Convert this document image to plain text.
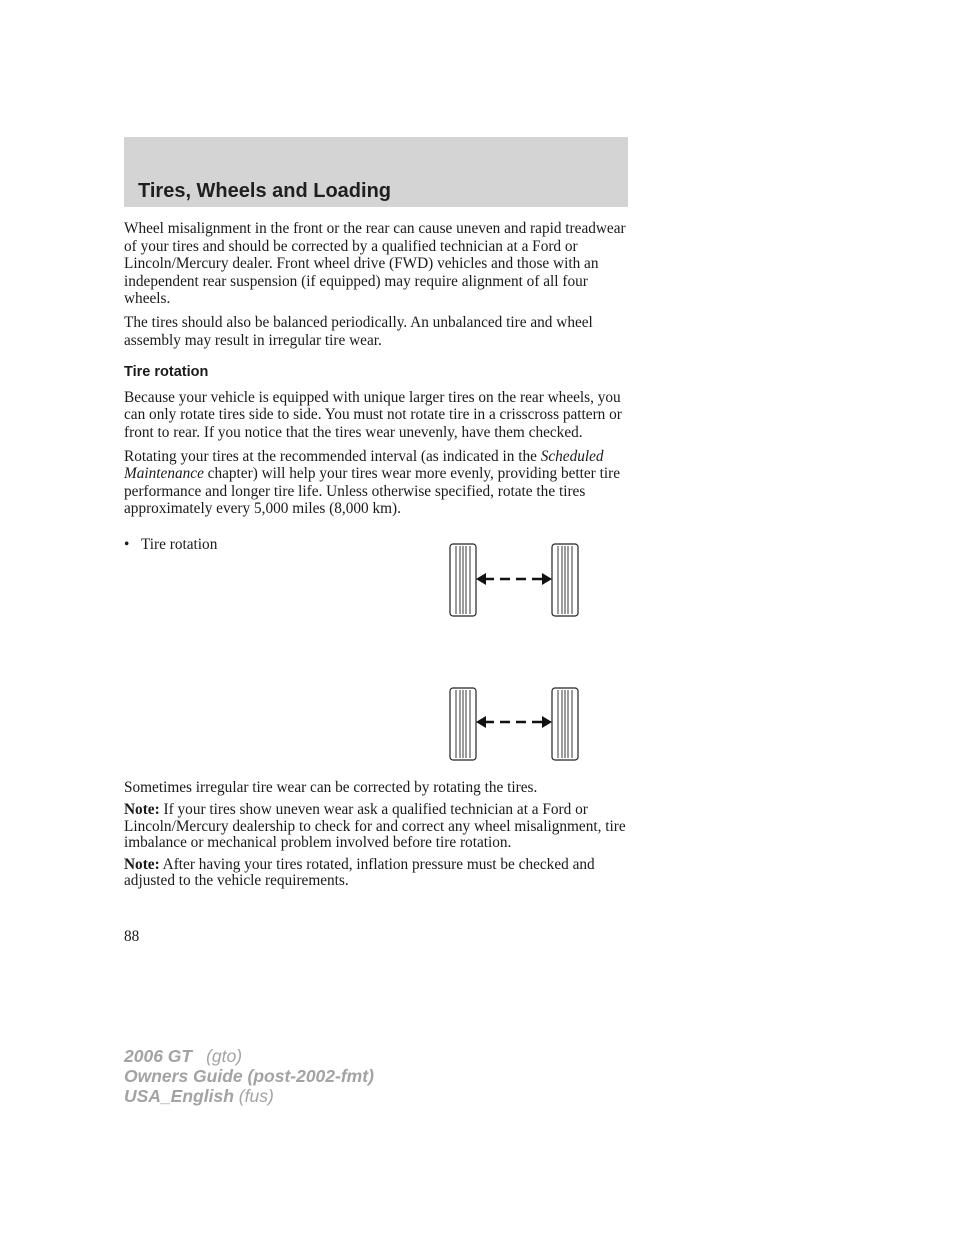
Tires, Wheels and Loading

Wheel misalignment in the front or the rear can cause uneven and rapid treadwear of your tires and should be corrected by a qualified technician at a Ford or Lincoln/Mercury dealer. Front wheel drive (FWD) vehicles and those with an independent rear suspension (if equipped) may require alignment of all four wheels.

The tires should also be balanced periodically. An unbalanced tire and wheel assembly may result in irregular tire wear.

Tire rotation

Because your vehicle is equipped with unique larger tires on the rear wheels, you can only rotate tires side to side. You must not rotate tire in a crisscross pattern or front to rear. If you notice that the tires wear unevenly, have them checked.

Rotating your tires at the recommended interval (as indicated in the Scheduled Maintenance chapter) will help your tires wear more evenly, providing better tire performance and longer tire life. Unless otherwise specified, rotate the tires approximately every 5,000 miles (8,000 km).

• Tire rotation

Sometimes irregular tire wear can be corrected by rotating the tires.

Note: If your tires show uneven wear ask a qualified technician at a Ford or Lincoln/Mercury dealership to check for and correct any wheel misalignment, tire imbalance or mechanical problem involved before tire rotation.

Note: After having your tires rotated, inflation pressure must be checked and adjusted to the vehicle requirements.

88
2006 GT (gto)
Owners Guide (post-2002-fmt)
USA_English (fus)
